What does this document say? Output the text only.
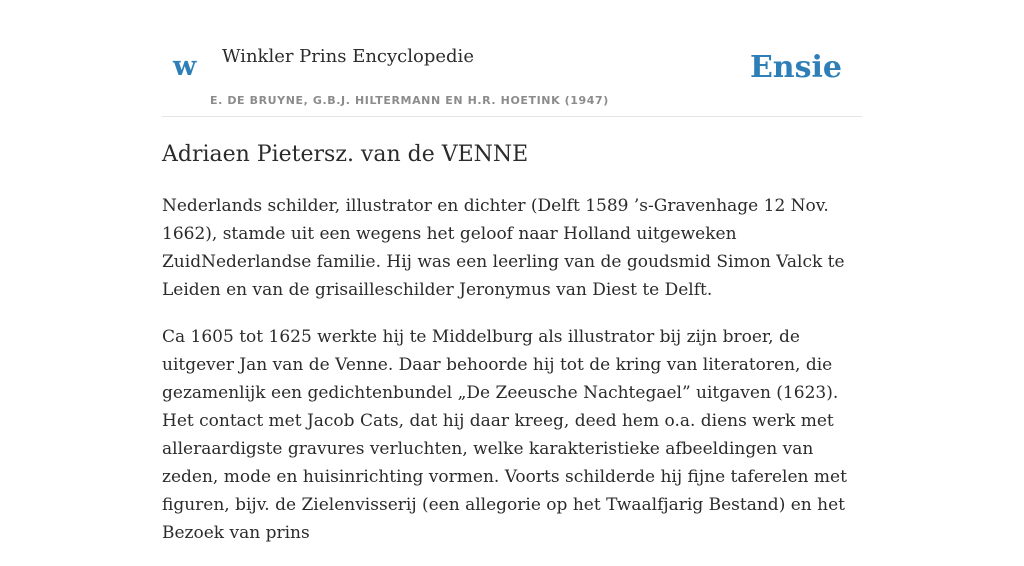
w Winkler Prins Encyclopedie
E. DE BRUYNE, G.B.J. HILTERMANN EN H.R. HOETINK (1947)
Ensie
Adriaen Pietersz. van de VENNE

Nederlands schilder, illustrator en dichter (Delft 1589 ’s-Gravenhage 12 Nov. 1662), stamde uit een wegens het geloof naar Holland uitgeweken ZuidNederlandse familie. Hij was een leerling van de goudsmid Simon Valck te Leiden en van de grisailleschilder Jeronymus van Diest te Delft.

Ca 1605 tot 1625 werkte hij te Middelburg als illustrator bij zijn broer, de uitgever Jan van de Venne. Daar behoorde hij tot de kring van literatoren, die gezamenlijk een gedichtenbundel „De Zeeusche Nachtegael” uitgaven (1623). Het contact met Jacob Cats, dat hij daar kreeg, deed hem o.a. diens werk met alleraardigste gravures verluchten, welke karakteristieke afbeeldingen van zeden, mode en huisinrichting vormen. Voorts schilderde hij fijne taferelen met figuren, bijv. de Zielenvisserij (een allegorie op het Twaalfjarig Bestand) en het Bezoek van prins
